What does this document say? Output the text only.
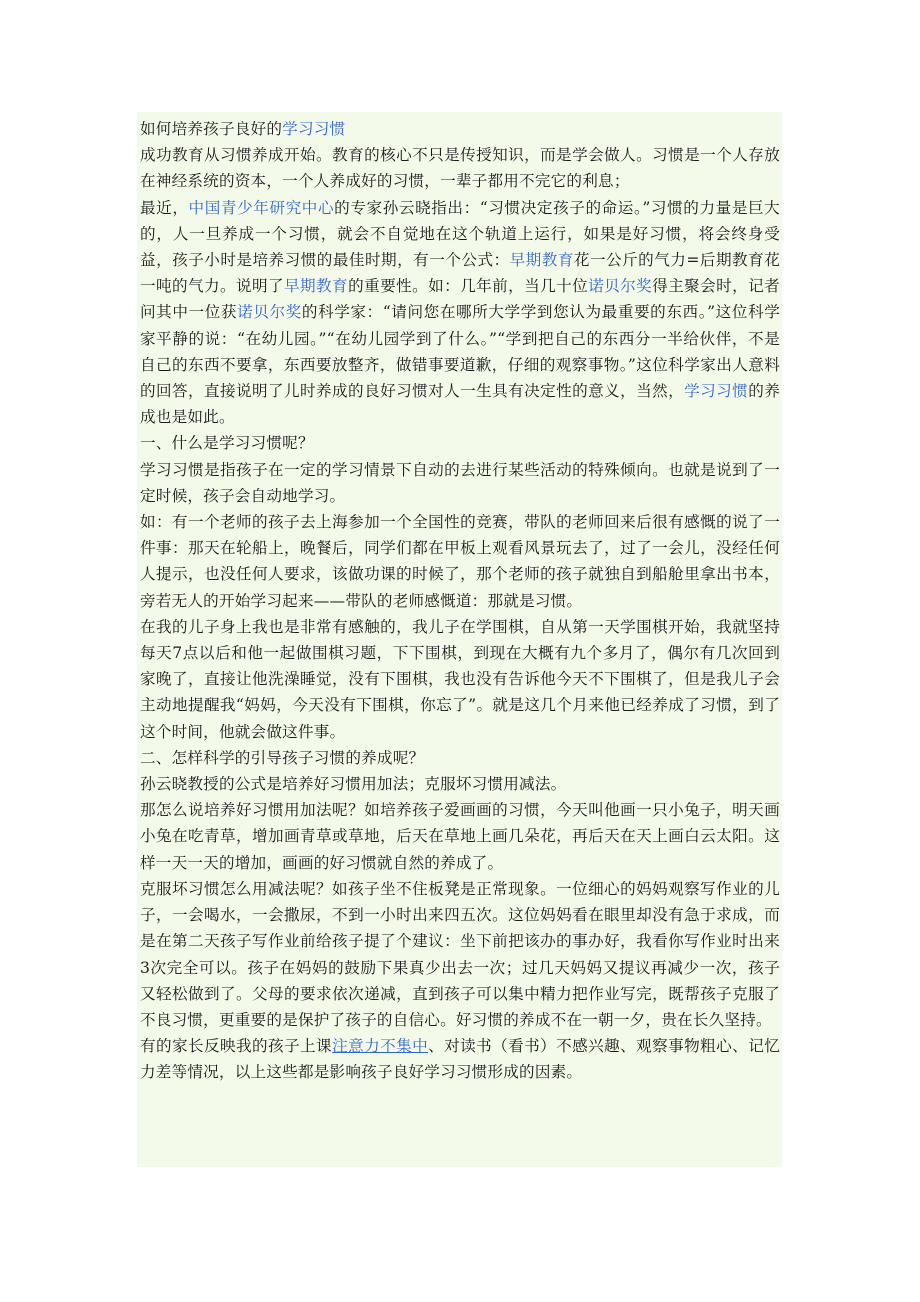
如何培养孩子良好的学习习惯

成功教育从习惯养成开始。教育的核心不只是传授知识，而是学会做人。习惯是一个人存放在神经系统的资本，一个人养成好的习惯，一辈子都用不完它的利息；

最近，中国青少年研究中心的专家孙云晓指出：“习惯决定孩子的命运。”习惯的力量是巨大的，人一旦养成一个习惯，就会不自觉地在这个轨道上运行，如果是好习惯，将会终身受益，孩子小时是培养习惯的最佳时期，有一个公式：早期教育花一公斤的气力=后期教育花一吨的气力。说明了早期教育的重要性。如：几年前，当几十位诺贝尔奖得主聚会时，记者问其中一位获诺贝尔奖的科学家：“请问您在哪所大学学到您认为最重要的东西。”这位科学家平静的说：“在幼儿园。”“在幼儿园学到了什么。”“学到把自己的东西分一半给伙伴，不是自己的东西不要拿，东西要放整齐，做错事要道歉，仔细的观察事物。”这位科学家出人意料的回答，直接说明了儿时养成的良好习惯对人一生具有决定性的意义，当然，学习习惯的养成也是如此。

一、什么是学习习惯呢？

学习习惯是指孩子在一定的学习情景下自动的去进行某些活动的特殊倾向。也就是说到了一定时候，孩子会自动地学习。

如：有一个老师的孩子去上海参加一个全国性的竞赛，带队的老师回来后很有感慨的说了一件事：那天在轮船上，晚餐后，同学们都在甲板上观看风景玩去了，过了一会儿，没经任何人提示，也没任何人要求，该做功课的时候了，那个老师的孩子就独自到船舱里拿出书本，旁若无人的开始学习起来——带队的老师感慨道：那就是习惯。

在我的儿子身上我也是非常有感触的，我儿子在学围棋，自从第一天学围棋开始，我就坚持每天7点以后和他一起做围棋习题，下下围棋，到现在大概有九个多月了，偶尔有几次回到家晚了，直接让他洗澡睡觉，没有下围棋，我也没有告诉他今天不下围棋了，但是我儿子会主动地提醒我“妈妈，今天没有下围棋，你忘了”。就是这几个月来他已经养成了习惯，到了这个时间，他就会做这件事。

二、怎样科学的引导孩子习惯的养成呢？

孙云晓教授的公式是培养好习惯用加法；克服坏习惯用减法。

那怎么说培养好习惯用加法呢？如培养孩子爱画画的习惯，今天叫他画一只小兔子，明天画小兔在吃青草，增加画青草或草地，后天在草地上画几朵花，再后天在天上画白云太阳。这样一天一天的增加，画画的好习惯就自然的养成了。

克服坏习惯怎么用减法呢？如孩子坐不住板凳是正常现象。一位细心的妈妈观察写作业的儿子，一会喝水，一会撒尿，不到一小时出来四五次。这位妈妈看在眼里却没有急于求成，而是在第二天孩子写作业前给孩子提了个建议：坐下前把该办的事办好，我看你写作业时出来3次完全可以。孩子在妈妈的鼓励下果真少出去一次；过几天妈妈又提议再减少一次，孩子又轻松做到了。父母的要求依次递减，直到孩子可以集中精力把作业写完，既帮孩子克服了不良习惯，更重要的是保护了孩子的自信心。好习惯的养成不在一朝一夕，贵在长久坚持。

有的家长反映我的孩子上课注意力不集中、对读书（看书）不感兴趣、观察事物粗心、记忆力差等情况，以上这些都是影响孩子良好学习习惯形成的因素。
